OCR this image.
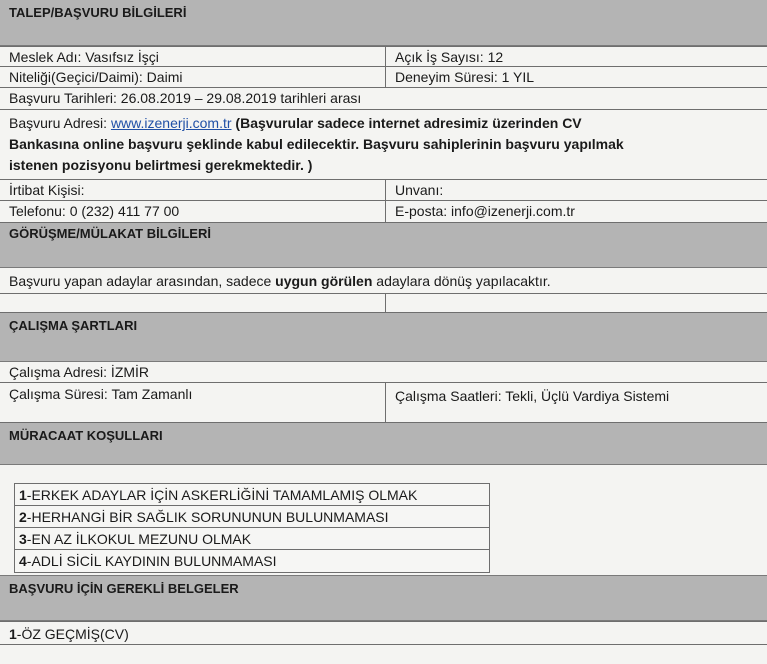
TALEP/BAŞVURU BİLGİLERİ
Meslek Adı: Vasıfsız İşçi	Açık İş Sayısı: 12
Niteliği(Geçici/Daimi): Daimi	Deneyim Süresi: 1 YIL
Başvuru Tarihleri: 26.08.2019 – 29.08.2019 tarihleri arası
Başvuru Adresi: www.izenerji.com.tr (Başvurular sadece internet adresimiz üzerinden CV
Bankasına online başvuru şeklinde kabul edilecektir. Başvuru sahiplerinin başvuru yapılmak
istenen pozisyonu belirtmesi gerekmektedir. )
İrtibat Kişisi:	Unvanı:
Telefonu: 0 (232) 411 77 00	E-posta: info@izenerji.com.tr
GÖRÜŞME/MÜLAKAT BİLGİLERİ
Başvuru yapan adaylar arasından, sadece uygun görülen adaylara dönüş yapılacaktır.
ÇALIŞMA ŞARTLARI
Çalışma Adresi: İZMİR
Çalışma Süresi: Tam Zamanlı	Çalışma Saatleri: Tekli, Üçlü Vardiya Sistemi
MÜRACAAT KOŞULLARI
1-ERKEK ADAYLAR İÇİN ASKERLİĞİNİ TAMAMLAMIŞ OLMAK
2-HERHANGİ BİR SAĞLIK SORUNUNUN BULUNMAMASI
3-EN AZ İLKOKUL MEZUNU OLMAK
4-ADLİ SİCİL KAYDININ BULUNMAMASI
BAŞVURU İÇİN GEREKLİ BELGELER
1-ÖZ GEÇMİŞ(CV)
